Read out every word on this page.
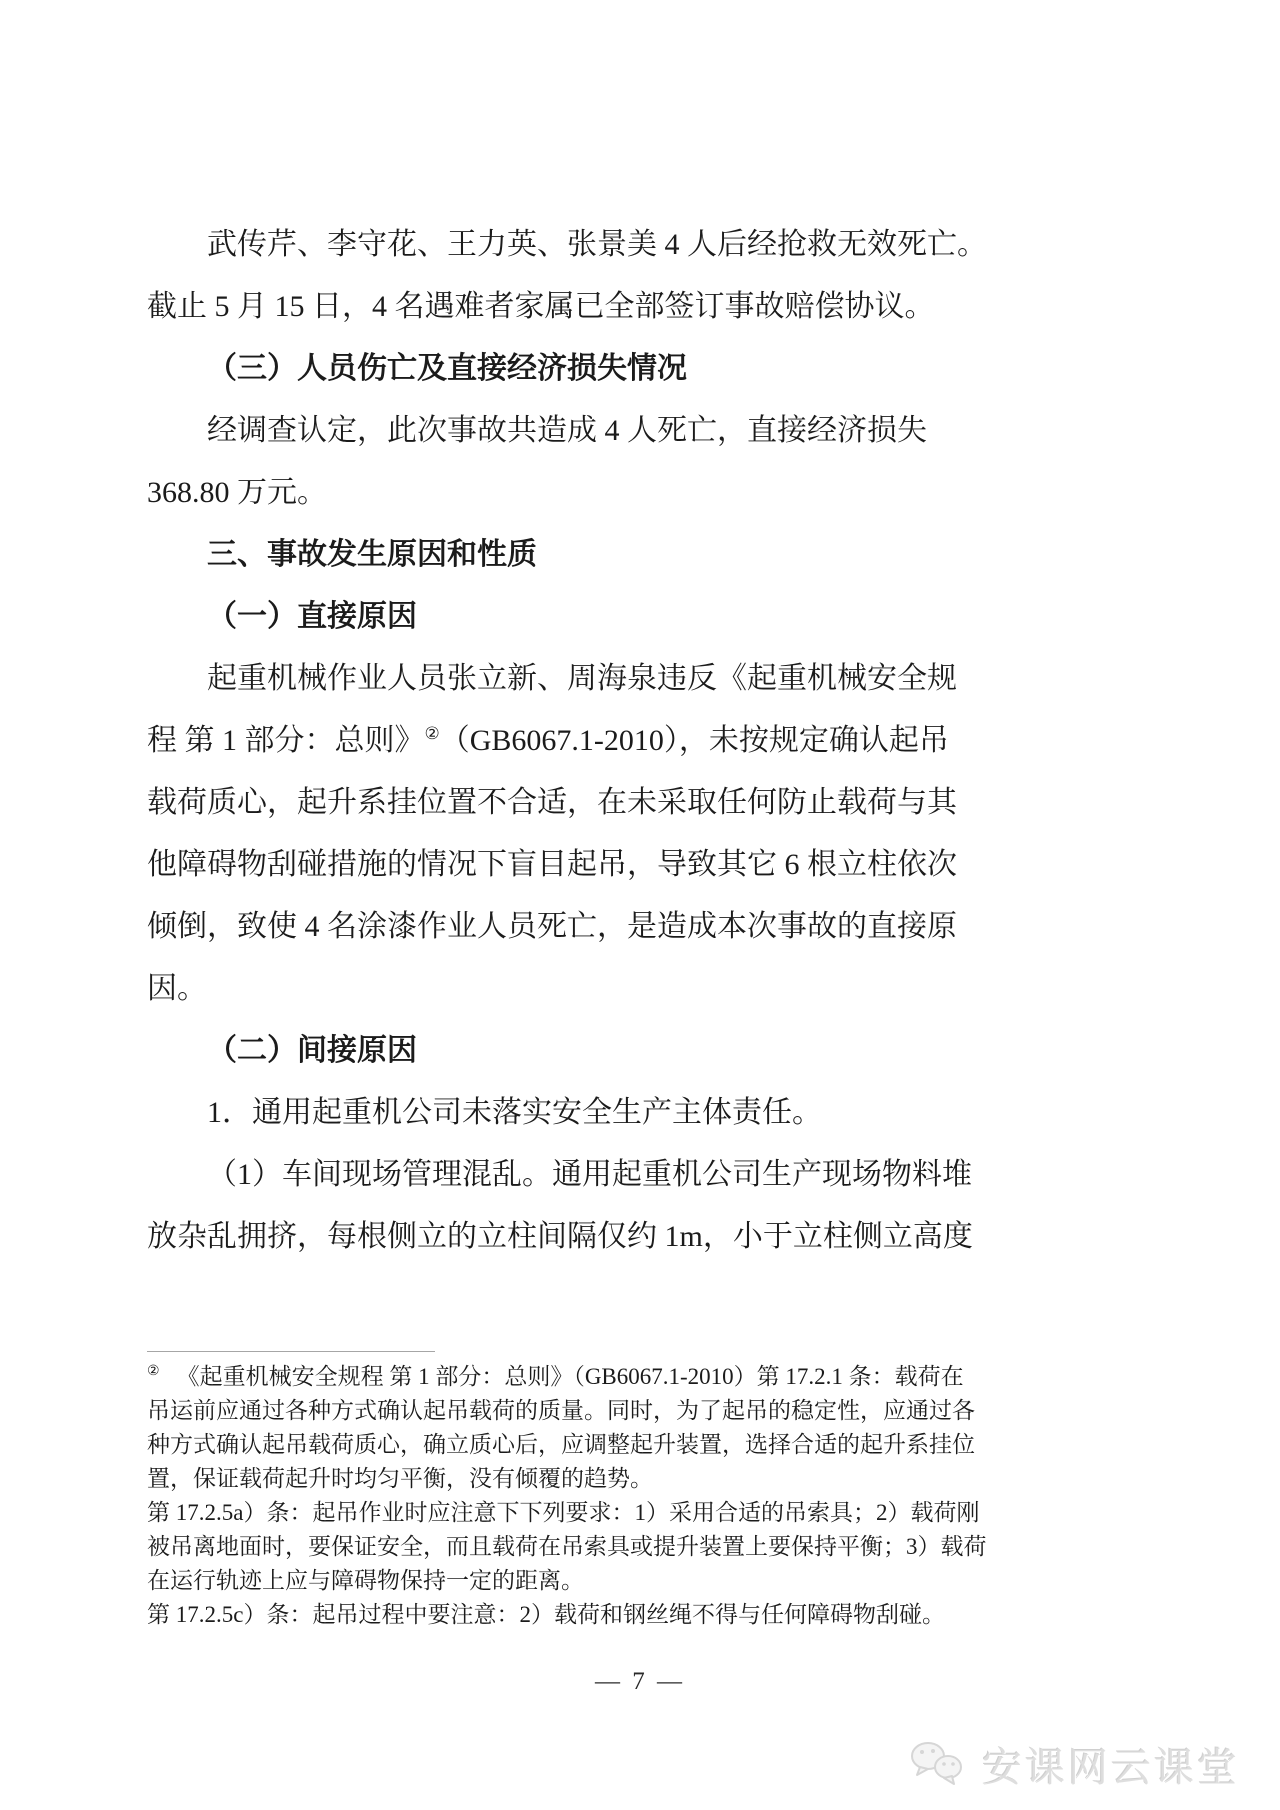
武传芹、李守花、王力英、张景美 4 人后经抢救无效死亡。
截止 5 月 15 日，4 名遇难者家属已全部签订事故赔偿协议。
（三）人员伤亡及直接经济损失情况
经调查认定，此次事故共造成 4 人死亡，直接经济损失
368.80 万元。
三、事故发生原因和性质
（一）直接原因
起重机械作业人员张立新、周海泉违反《起重机械安全规
程 第 1 部分：总则》②（GB6067.1-2010），未按规定确认起吊
载荷质心，起升系挂位置不合适，在未采取任何防止载荷与其
他障碍物刮碰措施的情况下盲目起吊，导致其它 6 根立柱依次
倾倒，致使 4 名涂漆作业人员死亡，是造成本次事故的直接原
因。
（二）间接原因
1．通用起重机公司未落实安全生产主体责任。
（1）车间现场管理混乱。通用起重机公司生产现场物料堆
放杂乱拥挤，每根侧立的立柱间隔仅约 1m，小于立柱侧立高度
② 《起重机械安全规程 第 1 部分：总则》（GB6067.1-2010）第 17.2.1 条：载荷在
吊运前应通过各种方式确认起吊载荷的质量。同时，为了起吊的稳定性，应通过各
种方式确认起吊载荷质心，确立质心后，应调整起升装置，选择合适的起升系挂位
置，保证载荷起升时均匀平衡，没有倾覆的趋势。
第 17.2.5a）条：起吊作业时应注意下下列要求：1）采用合适的吊索具；2）载荷刚
被吊离地面时，要保证安全，而且载荷在吊索具或提升装置上要保持平衡；3）载荷
在运行轨迹上应与障碍物保持一定的距离。
第 17.2.5c）条：起吊过程中要注意：2）载荷和钢丝绳不得与任何障碍物刮碰。
— 7 —
安课网云课堂
